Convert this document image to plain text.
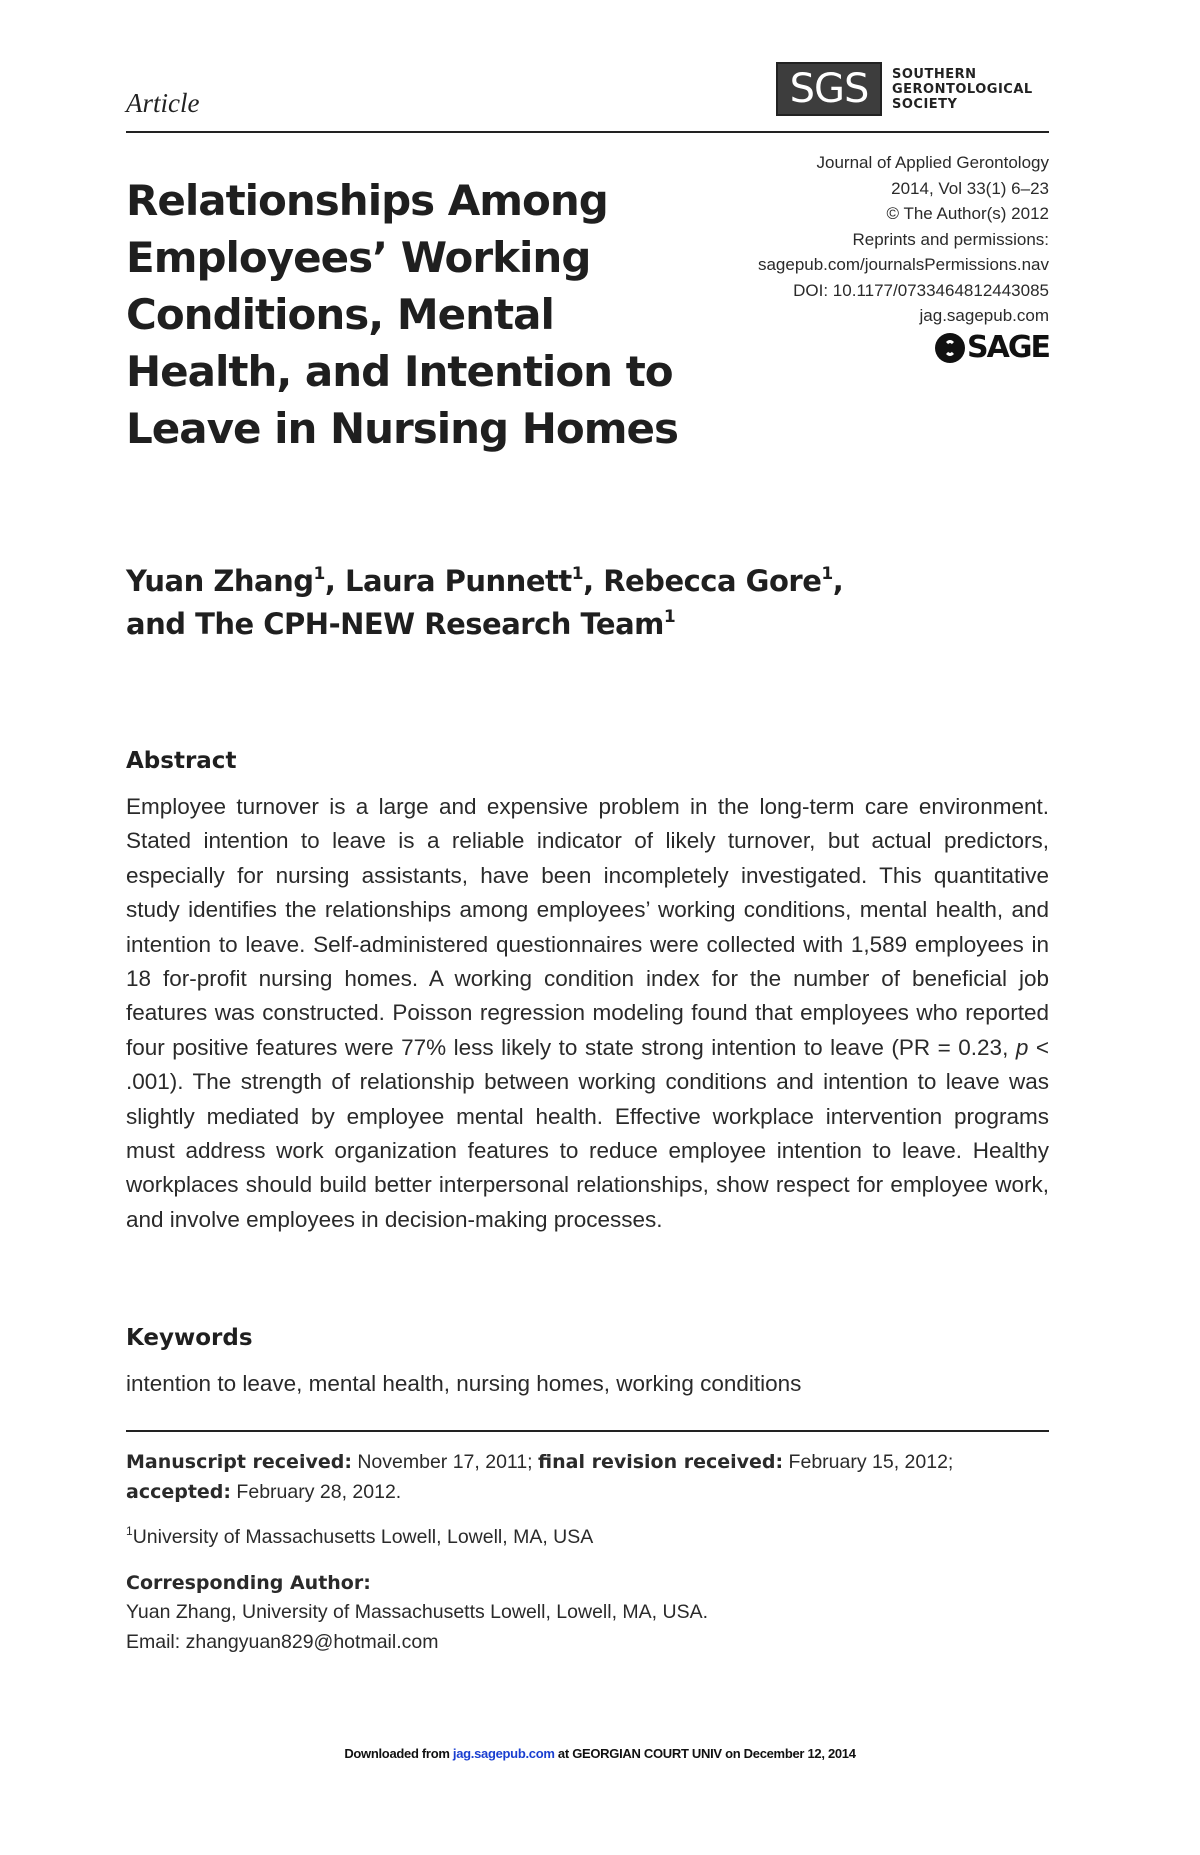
Article	SGS	SOUTHERN
GERONTOLOGICAL
SOCIETY
Relationships Among Employees’ Working Conditions, Mental Health, and Intention to Leave in Nursing Homes
Journal of Applied Gerontology
2014, Vol 33(1) 6–23
© The Author(s) 2012
Reprints and permissions:
sagepub.com/journalsPermissions.nav
DOI: 10.1177/0733464812443085
jag.sagepub.com
SAGE
Yuan Zhang$^1$, Laura Punnett$^1$, Rebecca Gore$^1$,
and The CPH-NEW Research Team$^1$
Abstract
Employee turnover is a large and expensive problem in the long-term care environment. Stated intention to leave is a reliable indicator of likely turnover, but actual predictors, especially for nursing assistants, have been incompletely investigated. This quantitative study identifies the relationships among employees’ working conditions, mental health, and intention to leave. Self-administered questionnaires were collected with 1,589 employees in 18 for-profit nursing homes. A working condition index for the number of beneficial job features was constructed. Poisson regression modeling found that employees who reported four positive features were 77% less likely to state strong intention to leave (PR = 0.23, p < .001). The strength of relationship between working conditions and intention to leave was slightly mediated by employee mental health. Effective workplace intervention programs must address work organization features to reduce employee intention to leave. Healthy workplaces should build better interpersonal relationships, show respect for employee work, and involve employees in decision-making processes.
Keywords
intention to leave, mental health, nursing homes, working conditions
Manuscript received: November 17, 2011; final revision received: February 15, 2012;
accepted: February 28, 2012.
$^1$University of Massachusetts Lowell, Lowell, MA, USA
Corresponding Author:
Yuan Zhang, University of Massachusetts Lowell, Lowell, MA, USA.
Email: zhangyuan829@hotmail.com
Downloaded from jag.sagepub.com at GEORGIAN COURT UNIV on December 12, 2014
